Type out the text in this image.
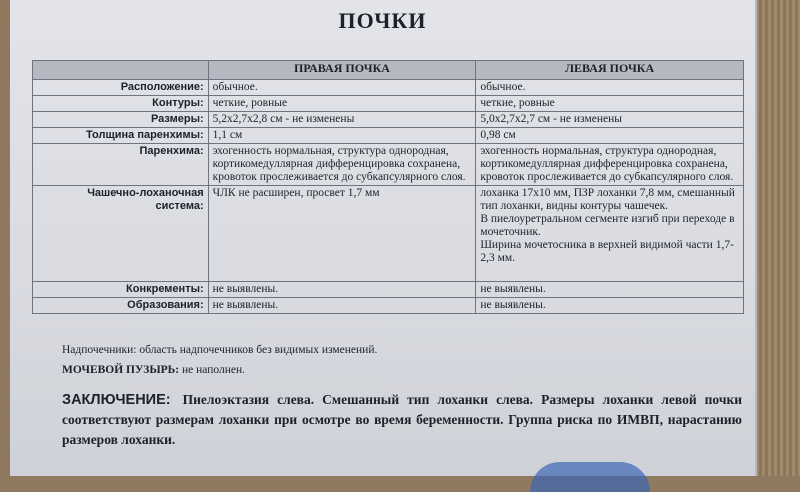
ПОЧКИ
	ПРАВАЯ ПОЧКА	ЛЕВАЯ ПОЧКА
Расположение:	обычное.	обычное.
Контуры:	четкие, ровные	четкие, ровные
Размеры:	5,2х2,7х2,8 см - не изменены	5,0х2,7х2,7 см - не изменены
Толщина паренхимы:	1,1 см	0,98 см
Паренхима:	эхогенность нормальная, структура однородная, кортикомедуллярная дифференцировка сохранена, кровоток прослеживается до субкапсулярного слоя.	эхогенность нормальная, структура однородная, кортикомедуллярная дифференцировка сохранена, кровоток прослеживается до субкапсулярного слоя.
Чашечно-лоханочная система:	ЧЛК не расширен, просвет 1,7 мм	лоханка 17х10 мм, ПЗР лоханки 7,8 мм, смешанный тип лоханки, видны контуры чашечек.
В пиелоуретральном сегменте изгиб при переходе в мочеточник.
Ширина мочетосника в верхней видимой части 1,7-2,3 мм.

Конкременты:	не выявлены.	не выявлены.
Образования:	не выявлены.	не выявлены.
Надпочечники: область надпочечников без видимых изменений.
МОЧЕВОЙ ПУЗЫРЬ: не наполнен.
ЗАКЛЮЧЕНИЕ: Пиелоэктазия слева. Смешанный тип лоханки слева. Размеры лоханки левой почки соответствуют размерам лоханки при осмотре во время беременности. Группа риска по ИМВП, нарастанию размеров лоханки.
